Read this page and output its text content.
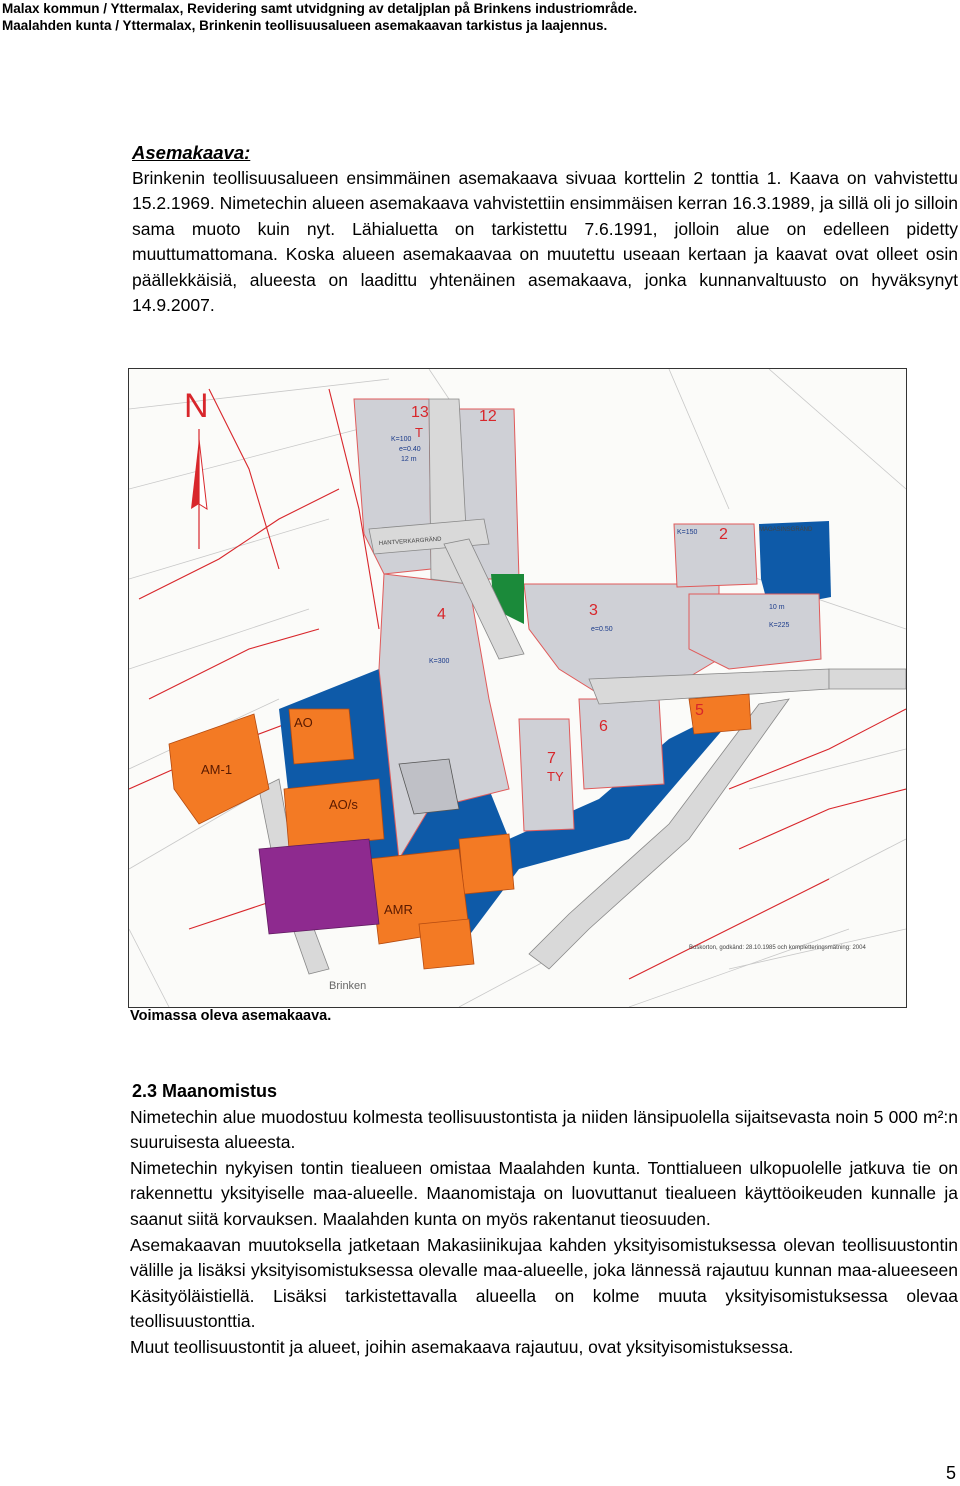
Malax kommun / Yttermalax, Revidering samt utvidgning av detaljplan på Brinkens industriområde.
Maalahden kunta / Yttermalax, Brinkenin teollisuusalueen asemakaavan tarkistus ja laajennus.
Asemakaava:

Brinkenin teollisuusalueen ensimmäinen asemakaava sivuaa korttelin 2 tonttia 1. Kaava on vahvistettu 15.2.1969. Nimetechin alueen asemakaava vahvistettiin ensimmäisen kerran 16.3.1989, ja sillä oli jo silloin sama muoto kuin nyt. Lähialuetta on tarkistettu 7.6.1991, jolloin alue on edelleen pidetty muuttumattomana. Koska alueen asemakaavaa on muutettu useaan kertaan ja kaavat ovat olleet osin päällekkäisiä, alueesta on laadittu yhtenäinen asemakaava, jonka kunnanvaltuusto on hyväksynyt 14.9.2007.

N	13	12
4	3
2
5
6
7
T
TY
AO
AM-1
AO/s
AMR
K=100
K=300
K=150
K=225
e=0.40
e=0.50
12 m
10 m
HANTVERKARGRÄND
MAGASINSGRÄND
Brinken
Boskorton, godkänd: 28.10.1985 och kompletteringsmätning: 2004
Voimassa oleva asemakaava.
2.3 Maanomistus

Nimetechin alue muodostuu kolmesta teollisuustontista ja niiden länsipuolella sijaitsevasta noin 5 000 m²:n suuruisesta alueesta.

Nimetechin nykyisen tontin tiealueen omistaa Maalahden kunta. Tonttialueen ulkopuolelle jatkuva tie on rakennettu yksityiselle maa-alueelle. Maanomistaja on luovuttanut tiealueen käyttöoikeuden kunnalle ja saanut siitä korvauksen. Maalahden kunta on myös rakentanut tieosuuden.

Asemakaavan muutoksella jatketaan Makasiinikujaa kahden yksityisomistuksessa olevan teollisuustontin välille ja lisäksi yksityisomistuksessa olevalle maa-alueelle, joka lännessä rajautuu kunnan maa-alueeseen Käsityöläistiellä. Lisäksi tarkistettavalla alueella on kolme muuta yksityisomistuksessa olevaa teollisuustonttia.

Muut teollisuustontit ja alueet, joihin asemakaava rajautuu, ovat yksityisomistuksessa.

5
